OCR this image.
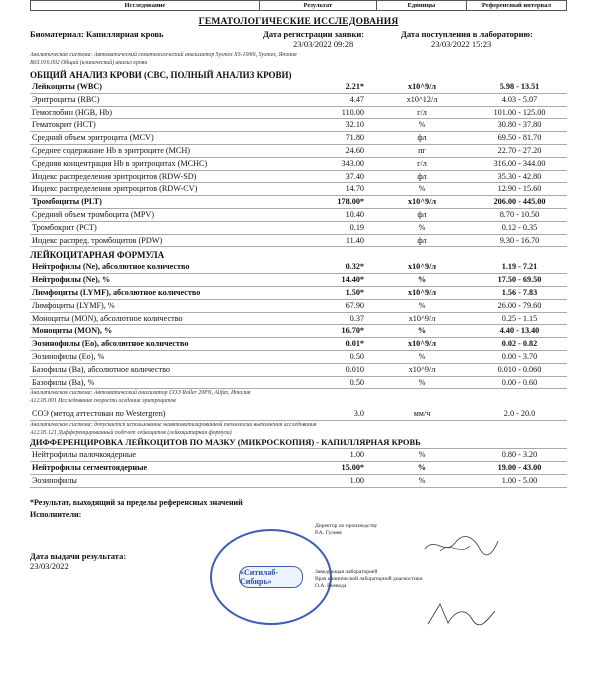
Исследование	Результат	Единицы	Референсный интервал
ГЕМАТОЛОГИЧЕСКИЕ ИССЛЕДОВАНИЯ
Биоматериал: Капиллярная кровь	Дата регистрации заявки:
23/03/2022 09:28
Дата поступления в лабораторию:
23/03/2022 15:23
Аналитическая система: Автоматический гематологический анализатор Sysmex XS-1000i, Sysmex, Япония
B03.016.002 Общий (клинический) анализ крови
ОБЩИЙ АНАЛИЗ КРОВИ (CBC, ПОЛНЫЙ АНАЛИЗ КРОВИ)
Лейкоциты (WBC)	2.21*	x10^9/л	5.98 - 13.51
Эритроциты (RBC)	4.47	x10^12/л	4.03 - 5.07
Гемоглобин (HGB, Hb)	110.00	г/л	101.00 - 125.00
Гематокрит (HCT)	32.10	%	30.80 - 37.80
Средний объем эритроцита (MCV)	71.80	фл	69.50 - 81.70
Среднее содержание Hb в эритроците (MCH)	24.60	пг	22.70 - 27.20
Средняя концентрация Hb в эритроцитах (MCHC)	343.00	г/л	316.00 - 344.00
Индекс распределения эритроцитов (RDW-SD)	37.40	фл	35.30 - 42.80
Индекс распределения эритроцитов (RDW-CV)	14.70	%	12.90 - 15.60
Тромбоциты (PLT)	178.00*	x10^9/л	206.00 - 445.00
Средний объем тромбоцита (MPV)	10.40	фл	8.70 - 10.50
Тромбокрит (PCT)	0.19	%	0.12 - 0.35
Индекс распред. тромбоцитов (PDW)	11.40	фл	9.30 - 16.70
ЛЕЙКОЦИТАРНАЯ ФОРМУЛА
Нейтрофилы (Ne), абсолютное количество	0.32*	x10^9/л	1.19 - 7.21
Нейтрофилы (Ne), %	14.40*	%	17.50 - 69.50
Лимфоциты (LYMF), абсолютное количество	1.50*	x10^9/л	1.56 - 7.83
Лимфоциты (LYMF), %	67.90	%	26.00 - 79.60
Моноциты (MON), абсолютное количество	0.37	x10^9/л	0.25 - 1.15
Моноциты (MON), %	16.70*	%	4.40 - 13.40
Эозинофилы (Eo), абсолютное количество	0.01*	x10^9/л	0.02 - 0.82
Эозинофилы (Eo), %	0.50	%	0.00 - 3.70
Базофилы (Ba), абсолютное количество	0.010	x10^9/л	0.010 - 0.060
Базофилы (Ba), %	0.50	%	0.00 - 0.60
Аналитическая система: Автоматический анализатор СОЭ Roller 20PN, Alifax, Италия
A12.05.001 Исследование скорости оседания эритроцитов
СОЭ (метод аттестован по Westergren)	3.0	мм/ч	2.0 - 20.0
Аналитическая система: допускается использование неавтоматизированной технологии выполнения исследования
A12.05.121 Дифференцированный подсчет лейкоцитов (лейкоцитарная формула)
ДИФФЕРЕНЦИРОВКА ЛЕЙКОЦИТОВ ПО МАЗКУ (МИКРОСКОПИЯ) - КАПИЛЛЯРНАЯ КРОВЬ
Нейтрофилы палочкоядерные	1.00	%	0.80 - 3.20
Нейтрофилы сегментоядерные	15.00*	%	19.00 - 43.00
Эозинофилы	1.00	%	1.00 - 5.00
*Результат, выходящий за пределы референсных значений
Исполнители:
Дата выдачи результата:
23/03/2022
«Ситилаб-Сибирь»
Директор по производству
Р.А. Гулиев
Заведующая лабораторией
Врач клинической лабораторной диагностики
О.А. Воевода
